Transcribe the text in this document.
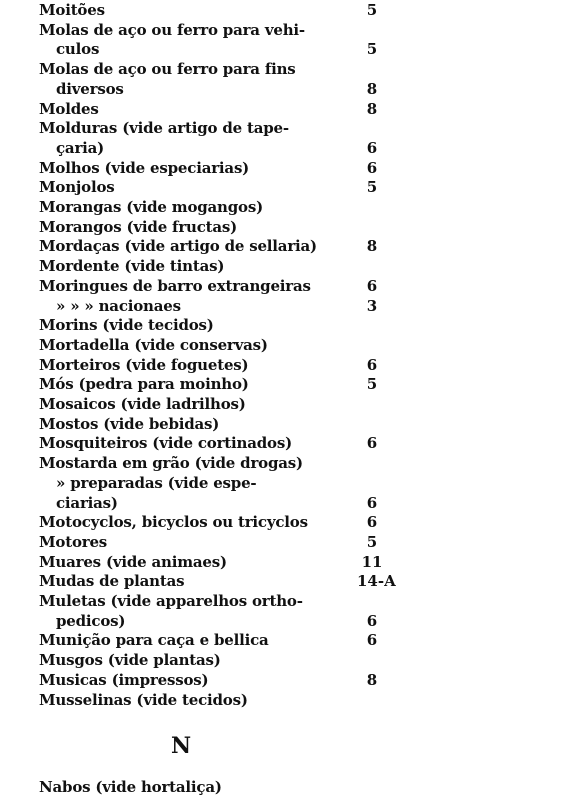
Moitões	5
Molas de aço ou ferro para vehi-
culos	5
Molas de aço ou ferro para fins
diversos	8
Moldes	8
Molduras (vide artigo de tape-
çaria)	6
Molhos (vide especiarias)	6
Monjolos	5
Morangas (vide mogangos)
Morangos (vide fructas)
Mordaças (vide artigo de sellaria)	8
Mordente (vide tintas)
Moringues de barro extrangeiras	6
» » » nacionaes	3
Morins (vide tecidos)
Mortadella (vide conservas)
Morteiros (vide foguetes)	6
Mós (pedra para moinho)	5
Mosaicos (vide ladrilhos)
Mostos (vide bebidas)
Mosquiteiros (vide cortinados)	6
Mostarda em grão (vide drogas)
» preparadas (vide espe-
ciarias)	6
Motocyclos, bicyclos ou tricyclos	6
Motores	5
Muares (vide animaes)	11
Mudas de plantas	14-A
Muletas (vide apparelhos ortho-
pedicos)	6
Munição para caça e bellica	6
Musgos (vide plantas)
Musicas (impressos)	8
Musselinas (vide tecidos)
N
Nabos (vide hortaliça)
